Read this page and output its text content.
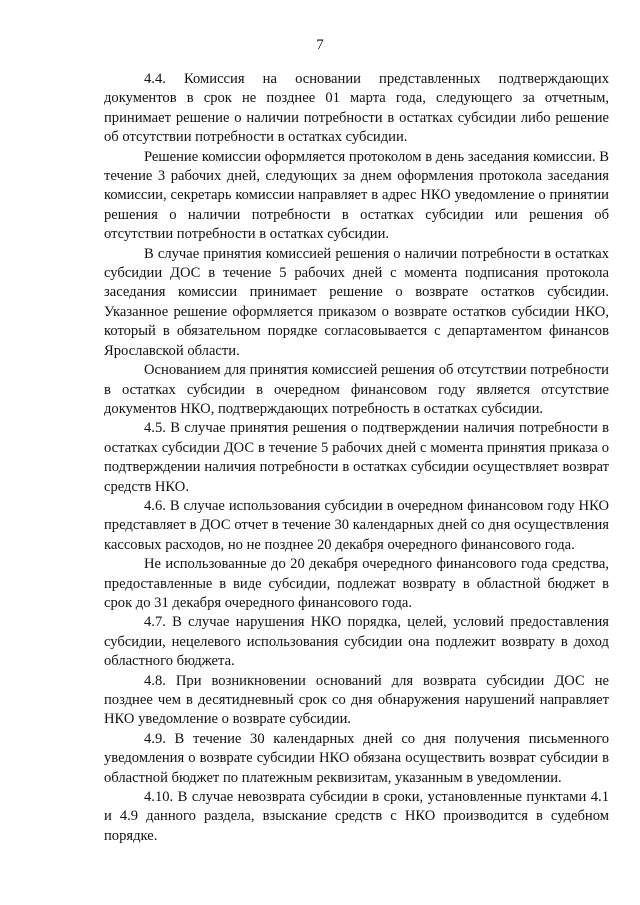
7

4.4. Комиссия на основании представленных подтверждающих документов в срок не позднее 01 марта года, следующего за отчетным, принимает решение о наличии потребности в остатках субсидии либо решение об отсутствии потребности в остатках субсидии.

Решение комиссии оформляется протоколом в день заседания комиссии. В течение 3 рабочих дней, следующих за днем оформления протокола заседания комиссии, секретарь комиссии направляет в адрес НКО уведомление о принятии решения о наличии потребности в остатках субсидии или решения об отсутствии потребности в остатках субсидии.

В случае принятия комиссией решения о наличии потребности в остатках субсидии ДОС в течение 5 рабочих дней с момента подписания протокола заседания комиссии принимает решение о возврате остатков субсидии. Указанное решение оформляется приказом о возврате остатков субсидии НКО, который в обязательном порядке согласовывается с департаментом финансов Ярославской области.

Основанием для принятия комиссией решения об отсутствии потребности в остатках субсидии в очередном финансовом году является отсутствие документов НКО, подтверждающих потребность в остатках субсидии.

4.5. В случае принятия решения о подтверждении наличия потребности в остатках субсидии ДОС в течение 5 рабочих дней с момента принятия приказа о подтверждении наличия потребности в остатках субсидии осуществляет возврат средств НКО.

4.6. В случае использования субсидии в очередном финансовом году НКО представляет в ДОС отчет в течение 30 календарных дней со дня осуществления кассовых расходов, но не позднее 20 декабря очередного финансового года.

Не использованные до 20 декабря очередного финансового года средства, предоставленные в виде субсидии, подлежат возврату в областной бюджет в срок до 31 декабря очередного финансового года.

4.7. В случае нарушения НКО порядка, целей, условий предоставления субсидии, нецелевого использования субсидии она подлежит возврату в доход областного бюджета.

4.8. При возникновении оснований для возврата субсидии ДОС не позднее чем в десятидневный срок со дня обнаружения нарушений направляет НКО уведомление о возврате субсидии.

4.9. В течение 30 календарных дней со дня получения письменного уведомления о возврате субсидии НКО обязана осуществить возврат субсидии в областной бюджет по платежным реквизитам, указанным в уведомлении.

4.10. В случае невозврата субсидии в сроки, установленные пунктами 4.1 и 4.9 данного раздела, взыскание средств с НКО производится в судебном порядке.
